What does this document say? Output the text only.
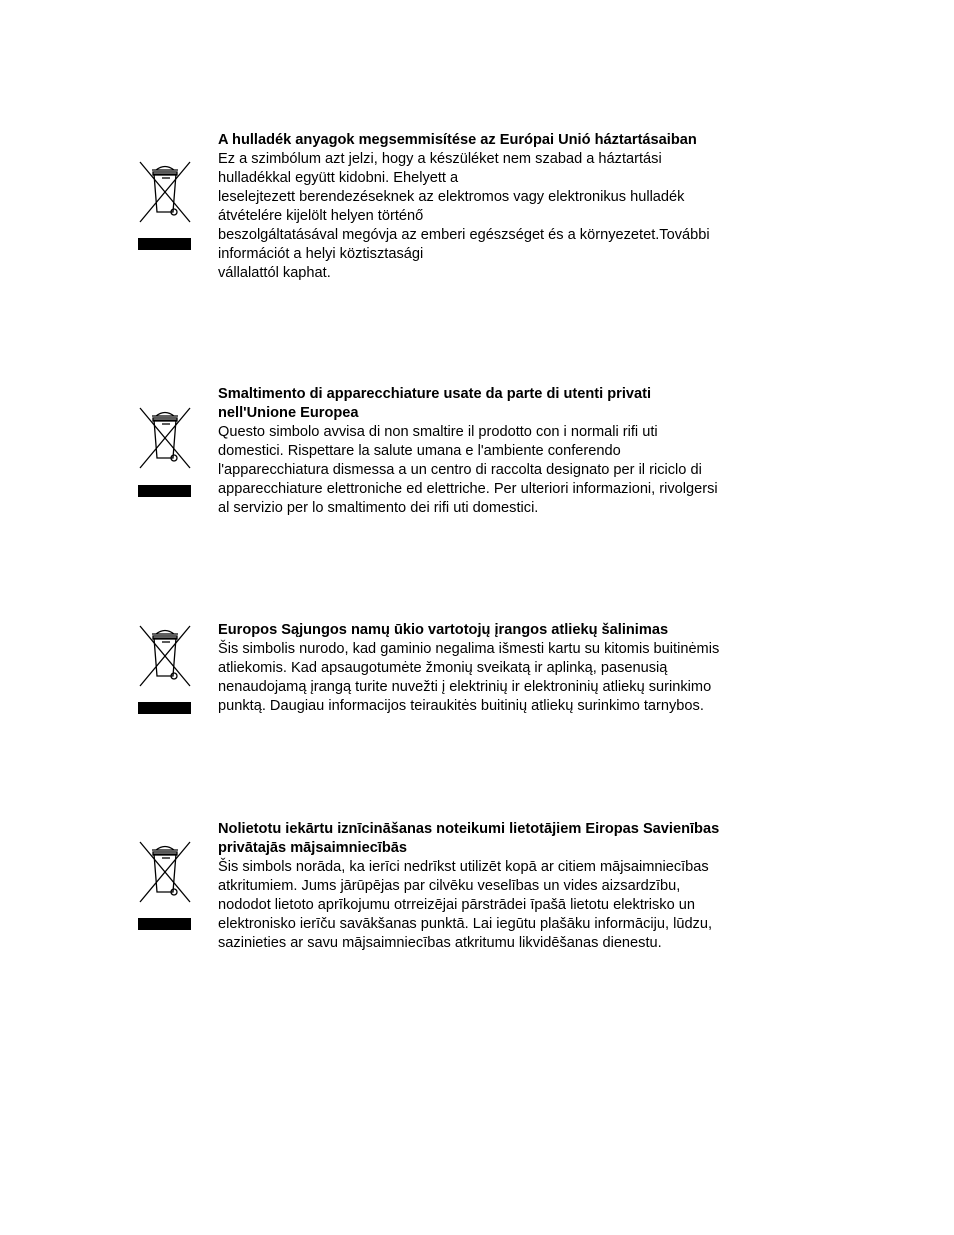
A hulladék anyagok megsemmisítése az Európai Unió háztartásaiban
Ez a szimbólum azt jelzi, hogy a készüléket nem szabad a háztartási
hulladékkal együtt kidobni. Ehelyett a
leselejtezett berendezéseknek az elektromos vagy elektronikus hulladék
átvételére kijelölt helyen történő
beszolgáltatásával megóvja az emberi egészséget és a környezetet.További
információt a helyi köztisztasági
vállalattól kaphat.
Smaltimento di apparecchiature usate da parte di utenti privati
nell'Unione Europea
Questo simbolo avvisa di non smaltire il prodotto con i normali rifi uti
domestici. Rispettare la salute umana e l'ambiente conferendo
l'apparecchiatura dismessa a un centro di raccolta designato per il riciclo di
apparecchiature elettroniche ed elettriche. Per ulteriori informazioni, rivolgersi
al servizio per lo smaltimento dei rifi uti domestici.
Europos Sąjungos namų ūkio vartotojų įrangos atliekų šalinimas
Šis simbolis nurodo, kad gaminio negalima išmesti kartu su kitomis buitinėmis
atliekomis. Kad apsaugotumėte žmonių sveikatą ir aplinką, pasenusią
nenaudojamą įrangą turite nuvežti į elektrinių ir elektroninių atliekų surinkimo
punktą. Daugiau informacijos teiraukitės buitinių atliekų surinkimo tarnybos.
Nolietotu iekārtu iznīcināšanas noteikumi lietotājiem Eiropas Savienības
privātajās mājsaimniecībās
Šis simbols norāda, ka ierīci nedrīkst utilizēt kopā ar citiem mājsaimniecības
atkritumiem. Jums jārūpējas par cilvēku veselības un vides aizsardzību,
nododot lietoto aprīkojumu otrreizējai pārstrādei īpašā lietotu elektrisko un
elektronisko ierīču savākšanas punktā. Lai iegūtu plašāku informāciju, lūdzu,
sazinieties ar savu mājsaimniecības atkritumu likvidēšanas dienestu.
